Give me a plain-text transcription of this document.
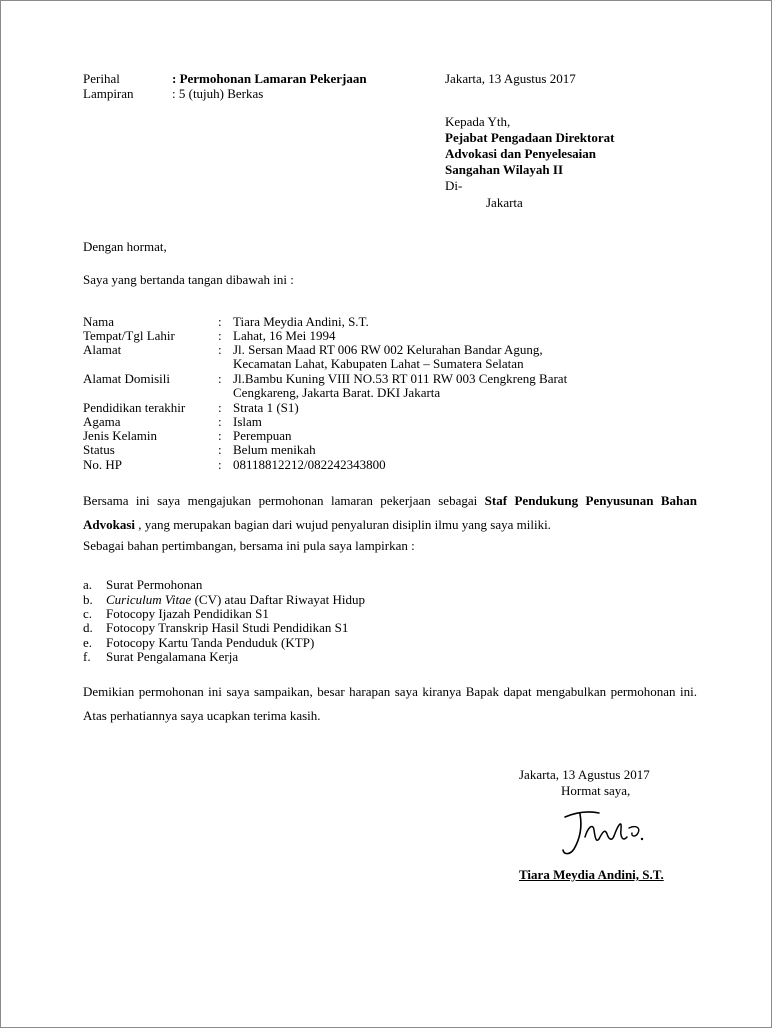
Perihal	: Permohonan Lamaran Pekerjaan	Jakarta, 13 Agustus 2017
Lampiran	: 5 (tujuh) Berkas
Kepada Yth,
Pejabat Pengadaan Direktorat
Advokasi dan Penyelesaian
Sangahan Wilayah II
Di-
Jakarta
Dengan hormat,
Saya yang bertanda tangan dibawah ini :
Nama	: Tiara Meydia Andini, S.T.
Tempat/Tgl Lahir	: Lahat, 16 Mei 1994
Alamat	: Jl. Sersan Maad RT 006 RW 002 Kelurahan Bandar Agung,
Kecamatan Lahat, Kabupaten Lahat – Sumatera Selatan
Alamat Domisili	: Jl.Bambu Kuning VIII NO.53 RT 011 RW 003 Cengkreng Barat
Cengkareng, Jakarta Barat. DKI Jakarta
Pendidikan terakhir	: Strata 1 (S1)
Agama	: Islam
Jenis Kelamin	: Perempuan
Status	: Belum menikah
No. HP	: 08118812212/082242343800
Bersama ini saya mengajukan permohonan lamaran pekerjaan sebagai Staf Pendukung Penyusunan Bahan Advokasi , yang merupakan bagian dari wujud penyaluran disiplin ilmu yang saya miliki.
Sebagai bahan pertimbangan, bersama ini pula saya lampirkan :
a. Surat Permohonan
b. Curiculum Vitae (CV) atau Daftar Riwayat Hidup
c. Fotocopy Ijazah Pendidikan S1
d. Fotocopy Transkrip Hasil Studi Pendidikan S1
e. Fotocopy Kartu Tanda Penduduk (KTP)
f. Surat Pengalamana Kerja
Demikian permohonan ini saya sampaikan, besar harapan saya kiranya Bapak dapat mengabulkan permohonan ini. Atas perhatiannya saya ucapkan terima kasih.
Jakarta, 13 Agustus 2017
Hormat saya,
Tiara Meydia Andini, S.T.
